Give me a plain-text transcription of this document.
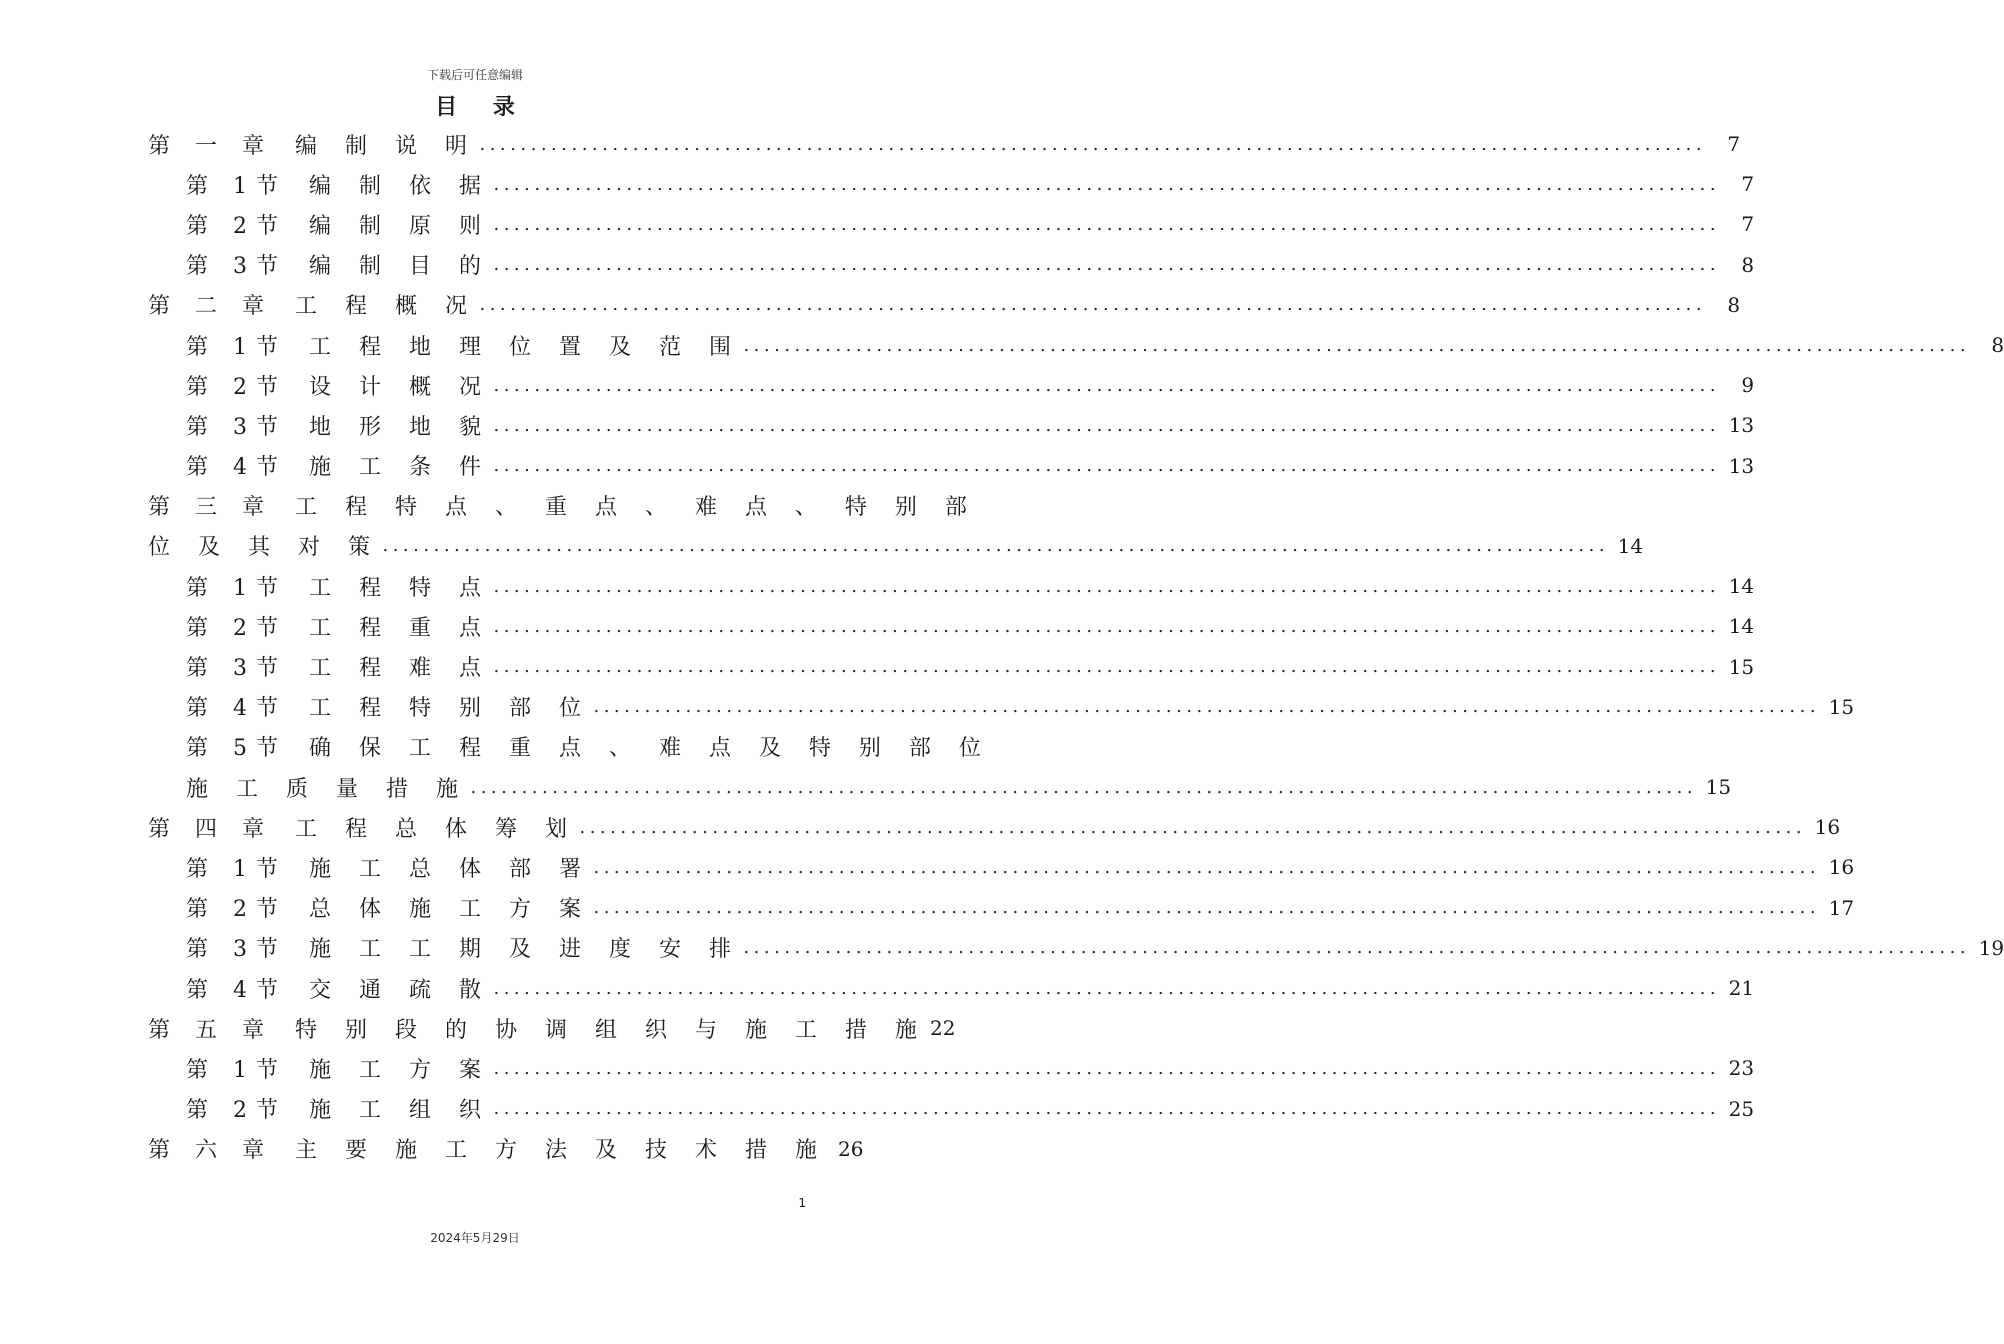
下载后可任意编辑
目 录
第 一 章 编 制 说 明 ........................................................................................................................	7
第 1节 编 制 依 据 ........................................................................................................................	7
第 2节 编 制 原 则 ........................................................................................................................	7
第 3节 编 制 目 的 ........................................................................................................................	8
第 二 章 工 程 概 况 ........................................................................................................................	8
第 1节 工 程 地 理 位 置 及 范 围 ........................................................................................................................	8
第 2节 设 计 概 况 ........................................................................................................................	9
第 3节 地 形 地 貌 ........................................................................................................................ 13
第 4节 施 工 条 件 ........................................................................................................................ 13
第 三 章 工 程 特 点 、 重 点 、 难 点 、 特 别 部
位 及 其 对 策 ........................................................................................................................ 14
第 1节 工 程 特 点 ........................................................................................................................ 14
第 2节 工 程 重 点 ........................................................................................................................ 14
第 3节 工 程 难 点 ........................................................................................................................ 15
第 4节 工 程 特 别 部 位 ........................................................................................................................ 15
第 5节 确 保 工 程 重 点 、 难 点 及 特 别 部 位
施 工 质 量 措 施 ........................................................................................................................ 15
第 四 章 工 程 总 体 筹 划 ........................................................................................................................ 16
第 1节 施 工 总 体 部 署 ........................................................................................................................ 16
第 2节 总 体 施 工 方 案 ........................................................................................................................ 17
第 3节 施 工 工 期 及 进 度 安 排 ........................................................................................................................ 19
第 4节 交 通 疏 散 ........................................................................................................................ 21
第 五 章 特 别 段 的 协 调 组 织 与 施 工 措 施 22
第 1节 施 工 方 案 ........................................................................................................................ 23
第 2节 施 工 组 织 ........................................................................................................................ 25
第 六 章 主 要 施 工 方 法 及 技 术 措 施 26
1
2024年5月29日
